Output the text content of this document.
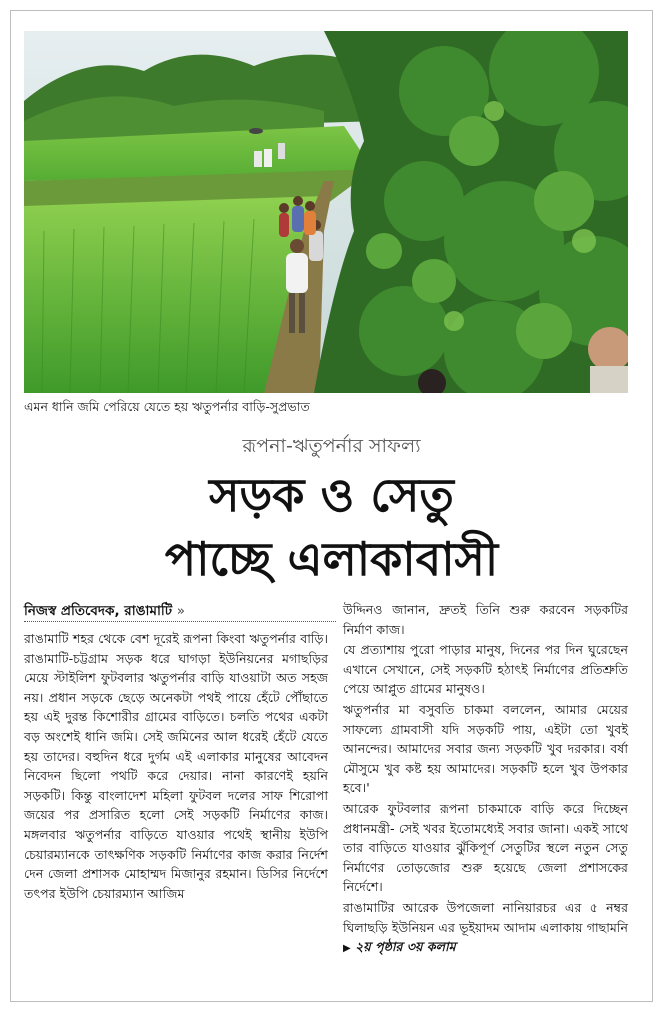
এমন ধানি জমি পেরিয়ে যেতে হয় ঋতুপর্নার বাড়ি-সুপ্রভাত
রূপনা-ঋতুপর্নার সাফল্য
সড়ক ও সেতু
পাচ্ছে এলাকাবাসী
নিজস্ব প্রতিবেদক, রাঙামাটি »

রাঙামাটি শহর থেকে বেশ দূরেই রূপনা কিংবা ঋতুপর্নার বাড়ি। রাঙামাটি-চট্টগ্রাম সড়ক ধরে ঘাগড়া ইউনিয়নের মগাছড়ির মেয়ে স্টাইলিশ ফুটবলার ঋতুপর্নার বাড়ি যাওয়াটা অত সহজ নয়। প্রধান সড়কে ছেড়ে অনেকটা পথই পায়ে হেঁটে পৌঁছাতে হয় এই দুরন্ত কিশোরীর গ্রামের বাড়িতে। চলতি পথের একটা বড় অংশেই ধানি জমি। সেই জমিনের আল ধরেই হেঁটে যেতে হয় তাদের। বহুদিন ধরে দুর্গম এই এলাকার মানুষের আবেদন নিবেদন ছিলো পথটি করে দেয়ার। নানা কারণেই হয়নি সড়কটি। কিন্তু বাংলাদেশ মহিলা ফুটবল দলের সাফ শিরোপা জয়ের পর প্রসারিত হলো সেই সড়কটি নির্মাণের কাজ। মঙ্গলবার ঋতুপর্নার বাড়িতে যাওয়ার পথেই স্থানীয় ইউপি চেয়ারম্যানকে তাৎক্ষণিক সড়কটি নির্মাণের কাজ করার নির্দেশ দেন জেলা প্রশাসক মোহাম্মদ মিজানুর রহমান। ডিসির নির্দেশে তৎপর ইউপি চেয়ারম্যান আজিম

উদ্দিনও জানান, দ্রুতই তিনি শুরু করবেন সড়কটির নির্মাণ কাজ।

যে প্রত্যাশায় পুরো পাড়ার মানুষ, দিনের পর দিন ঘুরেছেন এখানে সেখানে, সেই সড়কটি হঠাৎই নির্মাণের প্রতিশ্রুতি পেয়ে আপ্লুত গ্রামের মানুষও।

ঋতুপর্নার মা বসুবতি চাকমা বললেন, আমার মেয়ের সাফল্যে গ্রামবাসী যদি সড়কটি পায়, এইটা তো খুবই আনন্দের। আমাদের সবার জন্য সড়কটি খুব দরকার। বর্ষা মৌসুমে খুব কষ্ট হয় আমাদের। সড়কটি হলে খুব উপকার হবে।'

আরেক ফুটবলার রূপনা চাকমাকে বাড়ি করে দিচ্ছেন প্রধানমন্ত্রী- সেই খবর ইতোমধ্যেই সবার জানা। একই সাথে তার বাড়িতে যাওয়ার ঝুঁকিপূর্ণ সেতুটির স্থলে নতুন সেতু নির্মাণের তোড়জোর শুরু হয়েছে জেলা প্রশাসকের নির্দেশে।

রাঙামাটির আরেক উপজেলা নানিয়ারচর এর ৫ নম্বর ঘিলাছড়ি ইউনিয়ন এর ভূইয়াদম আদাম এলাকায় গাছামনি ▶ ২য় পৃষ্ঠার ৩য় কলাম
